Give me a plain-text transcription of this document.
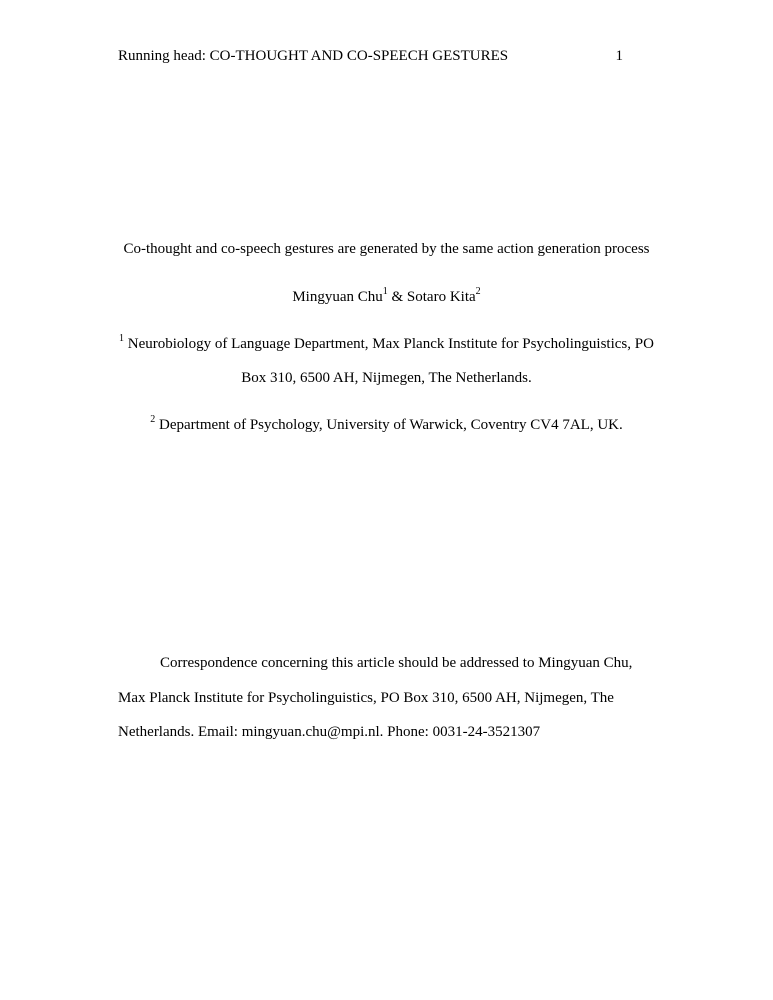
Running head: CO-THOUGHT AND CO-SPEECH GESTURES	1
Co-thought and co-speech gestures are generated by the same action generation process
Mingyuan Chu$^1$ & Sotaro Kita$^2$
$^1$ Neurobiology of Language Department, Max Planck Institute for Psycholinguistics, PO
Box 310, 6500 AH, Nijmegen, The Netherlands.
$^2$ Department of Psychology, University of Warwick, Coventry CV4 7AL, UK.
Correspondence concerning this article should be addressed to Mingyuan Chu,
Max Planck Institute for Psycholinguistics, PO Box 310, 6500 AH, Nijmegen, The
Netherlands. Email: mingyuan.chu@mpi.nl. Phone: 0031-24-3521307
